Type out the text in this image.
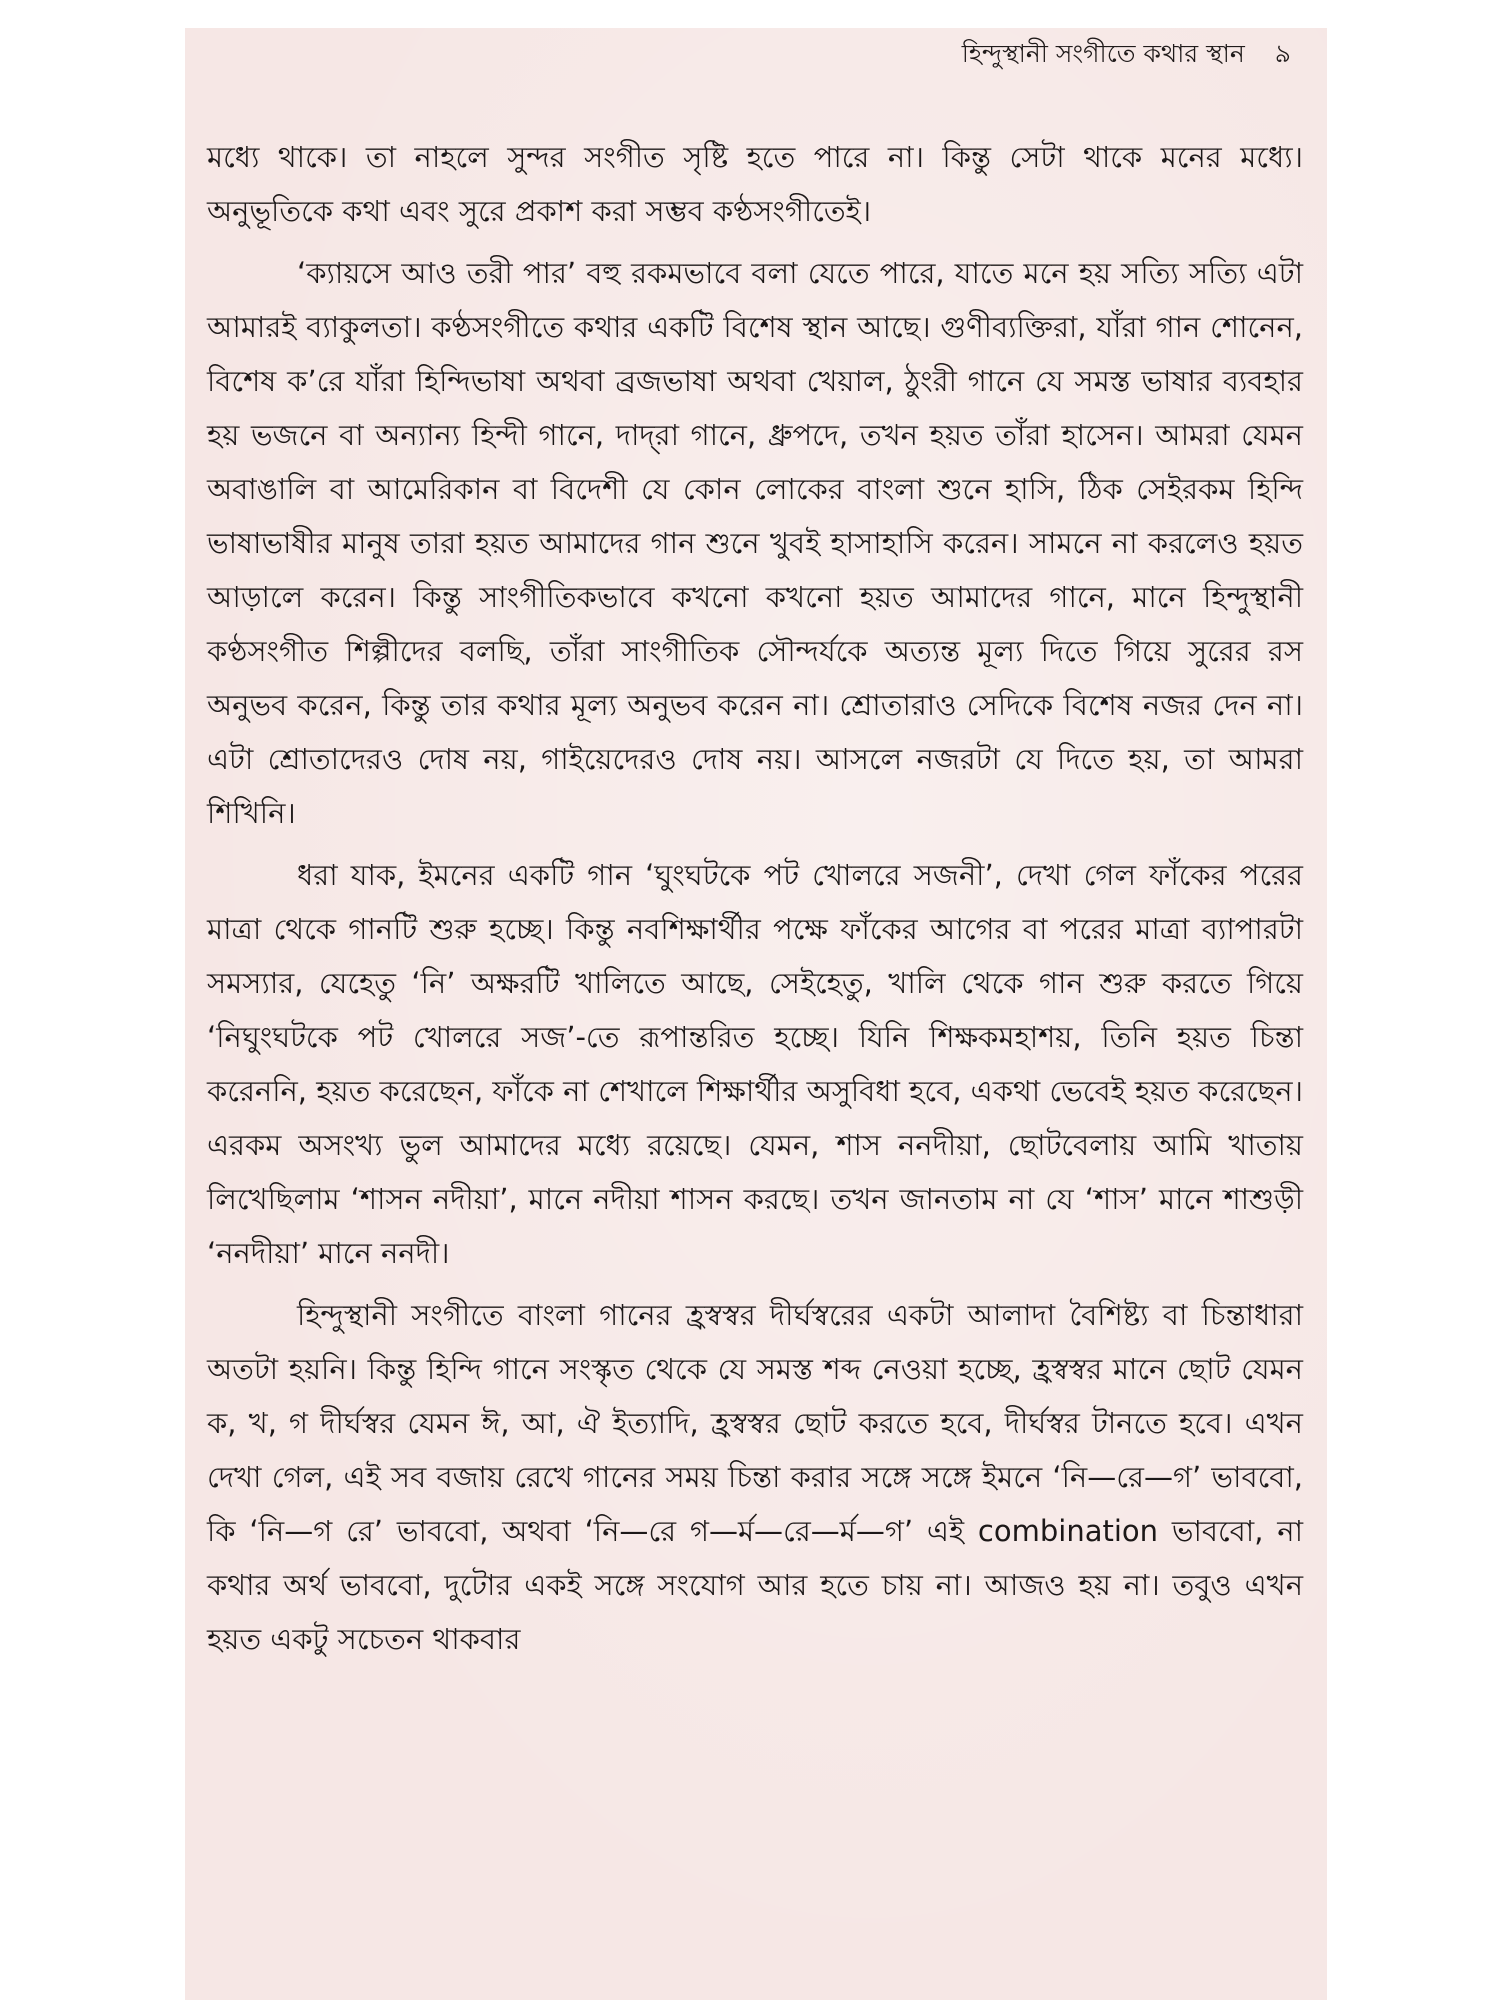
হিন্দুস্থানী সংগীতে কথার স্থান ৯

মধ্যে থাকে। তা নাহলে সুন্দর সংগীত সৃষ্টি হতে পারে না। কিন্তু সেটা থাকে মনের মধ্যে। অনুভূতিকে কথা এবং সুরে প্রকাশ করা সম্ভব কণ্ঠসংগীতেই।

‘ক্যায়সে আও তরী পার’ বহু রকমভাবে বলা যেতে পারে, যাতে মনে হয় সত্যি সত্যি এটা আমারই ব্যাকুলতা। কণ্ঠসংগীতে কথার একটি বিশেষ স্থান আছে। গুণীব্যক্তিরা, যাঁরা গান শোনেন, বিশেষ ক’রে যাঁরা হিন্দিভাষা অথবা ব্রজভাষা অথবা খেয়াল, ঠুংরী গানে যে সমস্ত ভাষার ব্যবহার হয় ভজনে বা অন্যান্য হিন্দী গানে, দাদ্‌রা গানে, ধ্রুপদে, তখন হয়ত তাঁরা হাসেন। আমরা যেমন অবাঙালি বা আমেরিকান বা বিদেশী যে কোন লোকের বাংলা শুনে হাসি, ঠিক সেইরকম হিন্দি ভাষাভাষীর মানুষ তারা হয়ত আমাদের গান শুনে খুবই হাসাহাসি করেন। সামনে না করলেও হয়ত আড়ালে করেন। কিন্তু সাংগীতিকভাবে কখনো কখনো হয়ত আমাদের গানে, মানে হিন্দুস্থানী কণ্ঠসংগীত শিল্পীদের বলছি, তাঁরা সাংগীতিক সৌন্দর্যকে অত্যন্ত মূল্য দিতে গিয়ে সুরের রস অনুভব করেন, কিন্তু তার কথার মূল্য অনুভব করেন না। শ্রোতারাও সেদিকে বিশেষ নজর দেন না। এটা শ্রোতাদেরও দোষ নয়, গাইয়েদেরও দোষ নয়। আসলে নজরটা যে দিতে হয়, তা আমরা শিখিনি।

ধরা যাক, ইমনের একটি গান ‘ঘুংঘটকে পট খোলরে সজনী’, দেখা গেল ফাঁকের পরের মাত্রা থেকে গানটি শুরু হচ্ছে। কিন্তু নবশিক্ষার্থীর পক্ষে ফাঁকের আগের বা পরের মাত্রা ব্যাপারটা সমস্যার, যেহেতু ‘নি’ অক্ষরটি খালিতে আছে, সেইহেতু, খালি থেকে গান শুরু করতে গিয়ে ‘নিঘুংঘটকে পট খোলরে সজ’-তে রূপান্তরিত হচ্ছে। যিনি শিক্ষকমহাশয়, তিনি হয়ত চিন্তা করেননি, হয়ত করেছেন, ফাঁকে না শেখালে শিক্ষার্থীর অসুবিধা হবে, একথা ভেবেই হয়ত করেছেন। এরকম অসংখ্য ভুল আমাদের মধ্যে রয়েছে। যেমন, শাস ননদীয়া, ছোটবেলায় আমি খাতায় লিখেছিলাম ‘শাসন নদীয়া’, মানে নদীয়া শাসন করছে। তখন জানতাম না যে ‘শাস’ মানে শাশুড়ী ‘ননদীয়া’ মানে ননদী।

হিন্দুস্থানী সংগীতে বাংলা গানের হ্রস্বস্বর দীর্ঘস্বরের একটা আলাদা বৈশিষ্ট্য বা চিন্তাধারা অতটা হয়নি। কিন্তু হিন্দি গানে সংস্কৃত থেকে যে সমস্ত শব্দ নেওয়া হচ্ছে, হ্রস্বস্বর মানে ছোট যেমন ক, খ, গ দীর্ঘস্বর যেমন ঈ, আ, ঐ ইত্যাদি, হ্রস্বস্বর ছোট করতে হবে, দীর্ঘস্বর টানতে হবে। এখন দেখা গেল, এই সব বজায় রেখে গানের সময় চিন্তা করার সঙ্গে সঙ্গে ইমনে ‘নি—রে—গ’ ভাববো, কি ‘নি—গ রে’ ভাববো, অথবা ‘নি—রে গ—র্ম—রে—র্ম—গ’ এই combination ভাববো, না কথার অর্থ ভাববো, দুটোর একই সঙ্গে সংযোগ আর হতে চায় না। আজও হয় না। তবুও এখন হয়ত একটু সচেতন থাকবার
